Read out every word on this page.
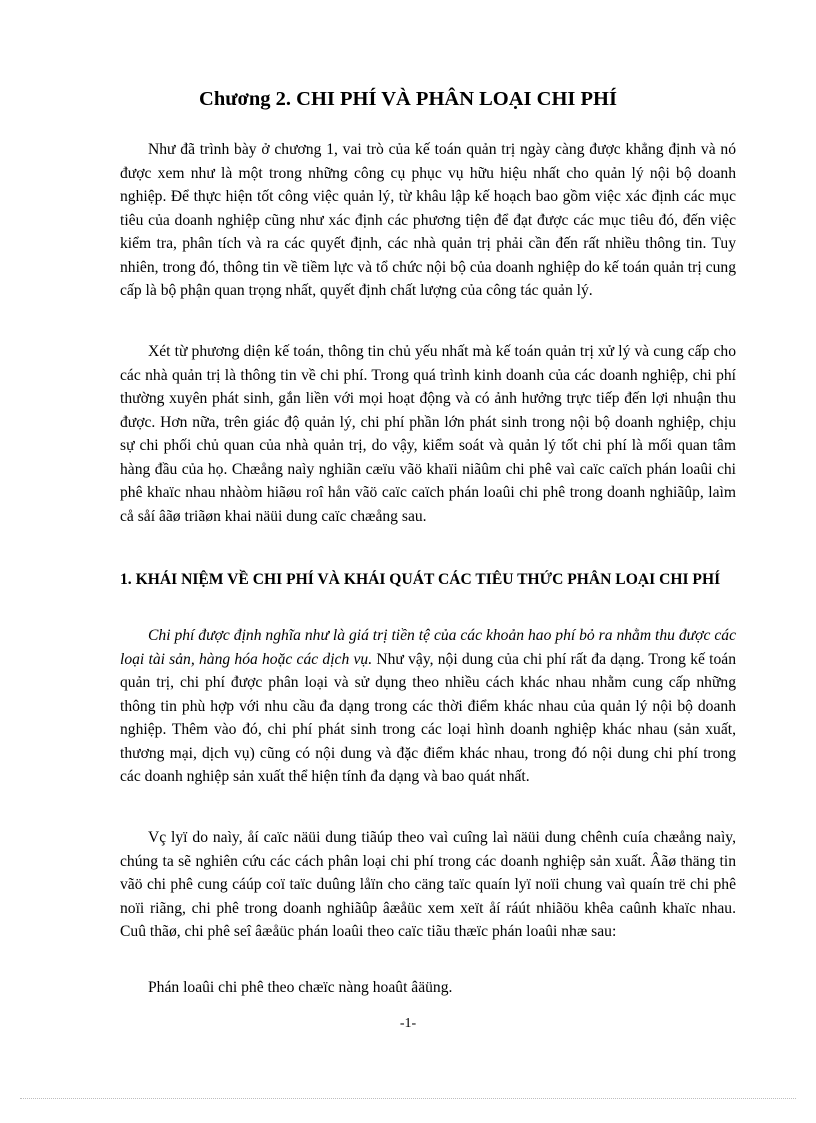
Chương 2. CHI PHÍ VÀ PHÂN LOẠI CHI PHÍ

Như đã trình bày ở chương 1, vai trò của kế toán quản trị ngày càng được khẳng định và nó được xem như là một trong những công cụ phục vụ hữu hiệu nhất cho quản lý nội bộ doanh nghiệp. Để thực hiện tốt công việc quản lý, từ khâu lập kế hoạch bao gồm việc xác định các mục tiêu của doanh nghiệp cũng như xác định các phương tiện để đạt được các mục tiêu đó, đến việc kiểm tra, phân tích và ra các quyết định, các nhà quản trị phải cần đến rất nhiều thông tin. Tuy nhiên, trong đó, thông tin về tiềm lực và tổ chức nội bộ của doanh nghiệp do kế toán quản trị cung cấp là bộ phận quan trọng nhất, quyết định chất lượng của công tác quản lý.

Xét từ phương diện kế toán, thông tin chủ yếu nhất mà kế toán quản trị xử lý và cung cấp cho các nhà quản trị là thông tin về chi phí. Trong quá trình kinh doanh của các doanh nghiệp, chi phí thường xuyên phát sinh, gắn liền với mọi hoạt động và có ảnh hưởng trực tiếp đến lợi nhuận thu được. Hơn nữa, trên giác độ quản lý, chi phí phần lớn phát sinh trong nội bộ doanh nghiệp, chịu sự chi phối chủ quan của nhà quản trị, do vậy, kiểm soát và quản lý tốt chi phí là mối quan tâm hàng đầu của họ. Chæång naìy nghiãn cæïu vãö khaïi niãûm chi phê vaì caïc caïch phán loaûi chi phê khaïc nhau nhàòm hiãøu roî hån vãö caïc caïch phán loaûi chi phê trong doanh nghiãûp, laìm cå såí âãø triãøn khai näüi dung caïc chæång sau.

1. KHÁI NIỆM VỀ CHI PHÍ VÀ KHÁI QUÁT CÁC TIÊU THỨC PHÂN LOẠI CHI PHÍ

Chi phí được định nghĩa như là giá trị tiền tệ của các khoản hao phí bỏ ra nhằm thu được các loại tài sản, hàng hóa hoặc các dịch vụ. Như vậy, nội dung của chi phí rất đa dạng. Trong kế toán quản trị, chi phí được phân loại và sử dụng theo nhiều cách khác nhau nhằm cung cấp những thông tin phù hợp với nhu cầu đa dạng trong các thời điểm khác nhau của quản lý nội bộ doanh nghiệp. Thêm vào đó, chi phí phát sinh trong các loại hình doanh nghiệp khác nhau (sản xuất, thương mại, dịch vụ) cũng có nội dung và đặc điểm khác nhau, trong đó nội dung chi phí trong các doanh nghiệp sản xuất thể hiện tính đa dạng và bao quát nhất.

Vç lyï do naìy, åí caïc näüi dung tiãúp theo vaì cuîng laì näüi dung chênh cuía chæång naìy, chúng ta sẽ nghiên cứu các cách phân loại chi phí trong các doanh nghiệp sản xuất. Âãø thäng tin vãö chi phê cung cáúp coï taïc duûng låïn cho cäng taïc quaín lyï noïi chung vaì quaín trë chi phê noïi riãng, chi phê trong doanh nghiãûp âæåüc xem xeït åí ráút nhiãöu khêa caûnh khaïc nhau. Cuû thãø, chi phê seî âæåüc phán loaûi theo caïc tiãu thæïc phán loaûi nhæ sau:

Phán loaûi chi phê theo chæïc nàng hoaût âäüng.

-1-
